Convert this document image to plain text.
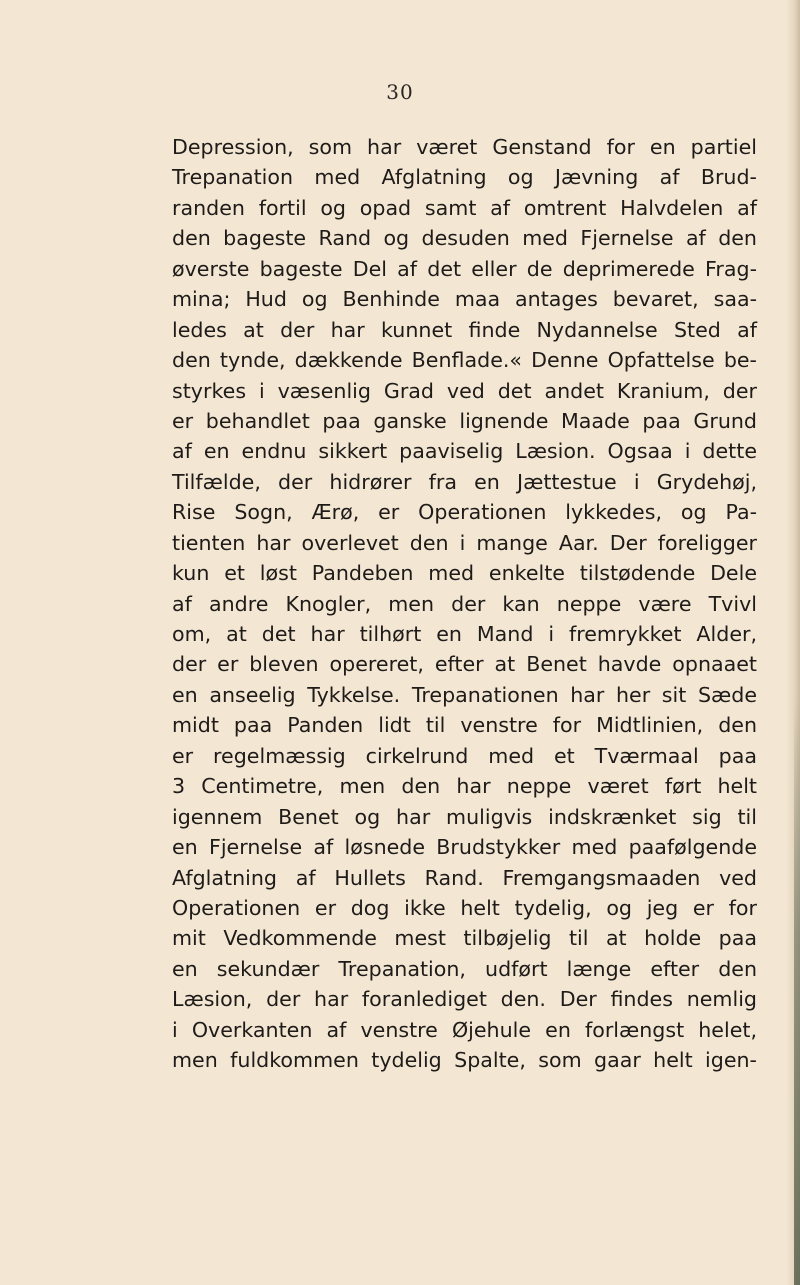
30
Depression, som har været Genstand for en partiel
Trepanation med Afglatning og Jævning af Brud-
randen fortil og opad samt af omtrent Halvdelen af
den bageste Rand og desuden med Fjernelse af den
øverste bageste Del af det eller de deprimerede Frag-
mina; Hud og Benhinde maa antages bevaret, saa-
ledes at der har kunnet finde Nydannelse Sted af
den tynde, dækkende Benflade.« Denne Opfattelse be-
styrkes i væsenlig Grad ved det andet Kranium, der
er behandlet paa ganske lignende Maade paa Grund
af en endnu sikkert paaviselig Læsion. Ogsaa i dette
Tilfælde, der hidrører fra en Jættestue i Grydehøj,
Rise Sogn, Ærø, er Operationen lykkedes, og Pa-
tienten har overlevet den i mange Aar. Der foreligger
kun et løst Pandeben med enkelte tilstødende Dele
af andre Knogler, men der kan neppe være Tvivl
om, at det har tilhørt en Mand i fremrykket Alder,
der er bleven opereret, efter at Benet havde opnaaet
en anseelig Tykkelse. Trepanationen har her sit Sæde
midt paa Panden lidt til venstre for Midtlinien, den
er regelmæssig cirkelrund med et Tværmaal paa
3 Centimetre, men den har neppe været ført helt
igennem Benet og har muligvis indskrænket sig til
en Fjernelse af løsnede Brudstykker med paafølgende
Afglatning af Hullets Rand. Fremgangsmaaden ved
Operationen er dog ikke helt tydelig, og jeg er for
mit Vedkommende mest tilbøjelig til at holde paa
en sekundær Trepanation, udført længe efter den
Læsion, der har foranlediget den. Der findes nemlig
i Overkanten af venstre Øjehule en forlængst helet,
men fuldkommen tydelig Spalte, som gaar helt igen-
